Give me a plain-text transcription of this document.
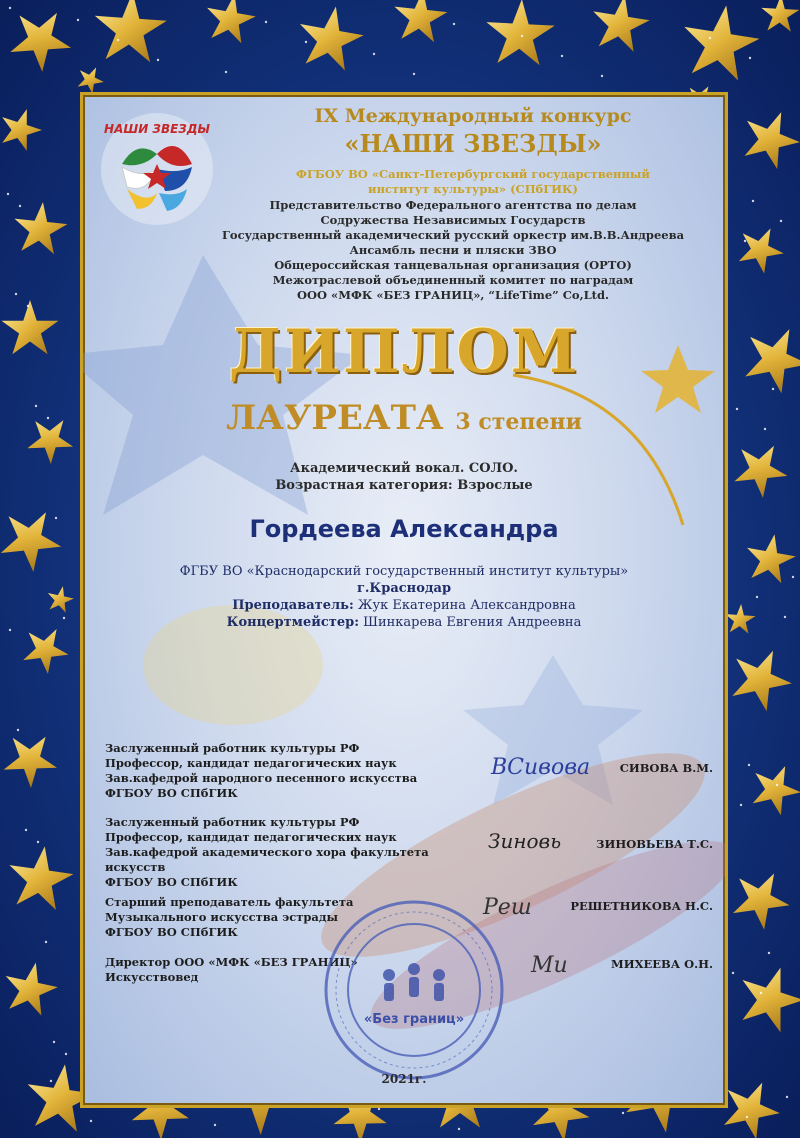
НАШИ ЗВЕЗДЫ
IX Международный конкурс
«НАШИ ЗВЕЗДЫ»
ФГБОУ ВО «Санкт-Петербургский государственный
институт культуры» (СПбГИК)
Представительство Федерального агентства по делам
Содружества Независимых Государств
Государственный академический русский оркестр им.В.В.Андреева
Ансамбль песни и пляски ЗВО
Общероссийская танцевальная организация (ОРТО)
Межотраслевой объединенный комитет по наградам
ООО «МФК «БЕЗ ГРАНИЦ», “LifeTime” Co,Ltd.
ДИПЛОМ
ЛАУРЕАТА 3 степени
Академический вокал. СОЛО.
Возрастная категория: Взрослые
Гордеева Александра
ФГБУ ВО «Краснодарский государственный институт культуры»
г.Краснодар
Преподаватель: Жук Екатерина Александровна
Концертмейстер: Шинкарева Евгения Андреевна
Заслуженный работник культуры РФ
Профессор, кандидат педагогических наук
Зав.кафедрой народного песенного искусства
ФГБОУ ВО СПбГИК
ВСивова	СИВОВА В.М.
Заслуженный работник культуры РФ
Профессор, кандидат педагогических наук
Зав.кафедрой академического хора факультета искусств
ФГБОУ ВО СПбГИК
Зиновь	ЗИНОВЬЕВА Т.С.
Старший преподаватель факультета
Музыкального искусства эстрады
ФГБОУ ВО СПбГИК
Реш	РЕШЕТНИКОВА Н.С.
Директор ООО «МФК «БЕЗ ГРАНИЦ»
Искусствовед	Ми	МИХЕЕВА О.Н.
«Без границ»
2021г.
